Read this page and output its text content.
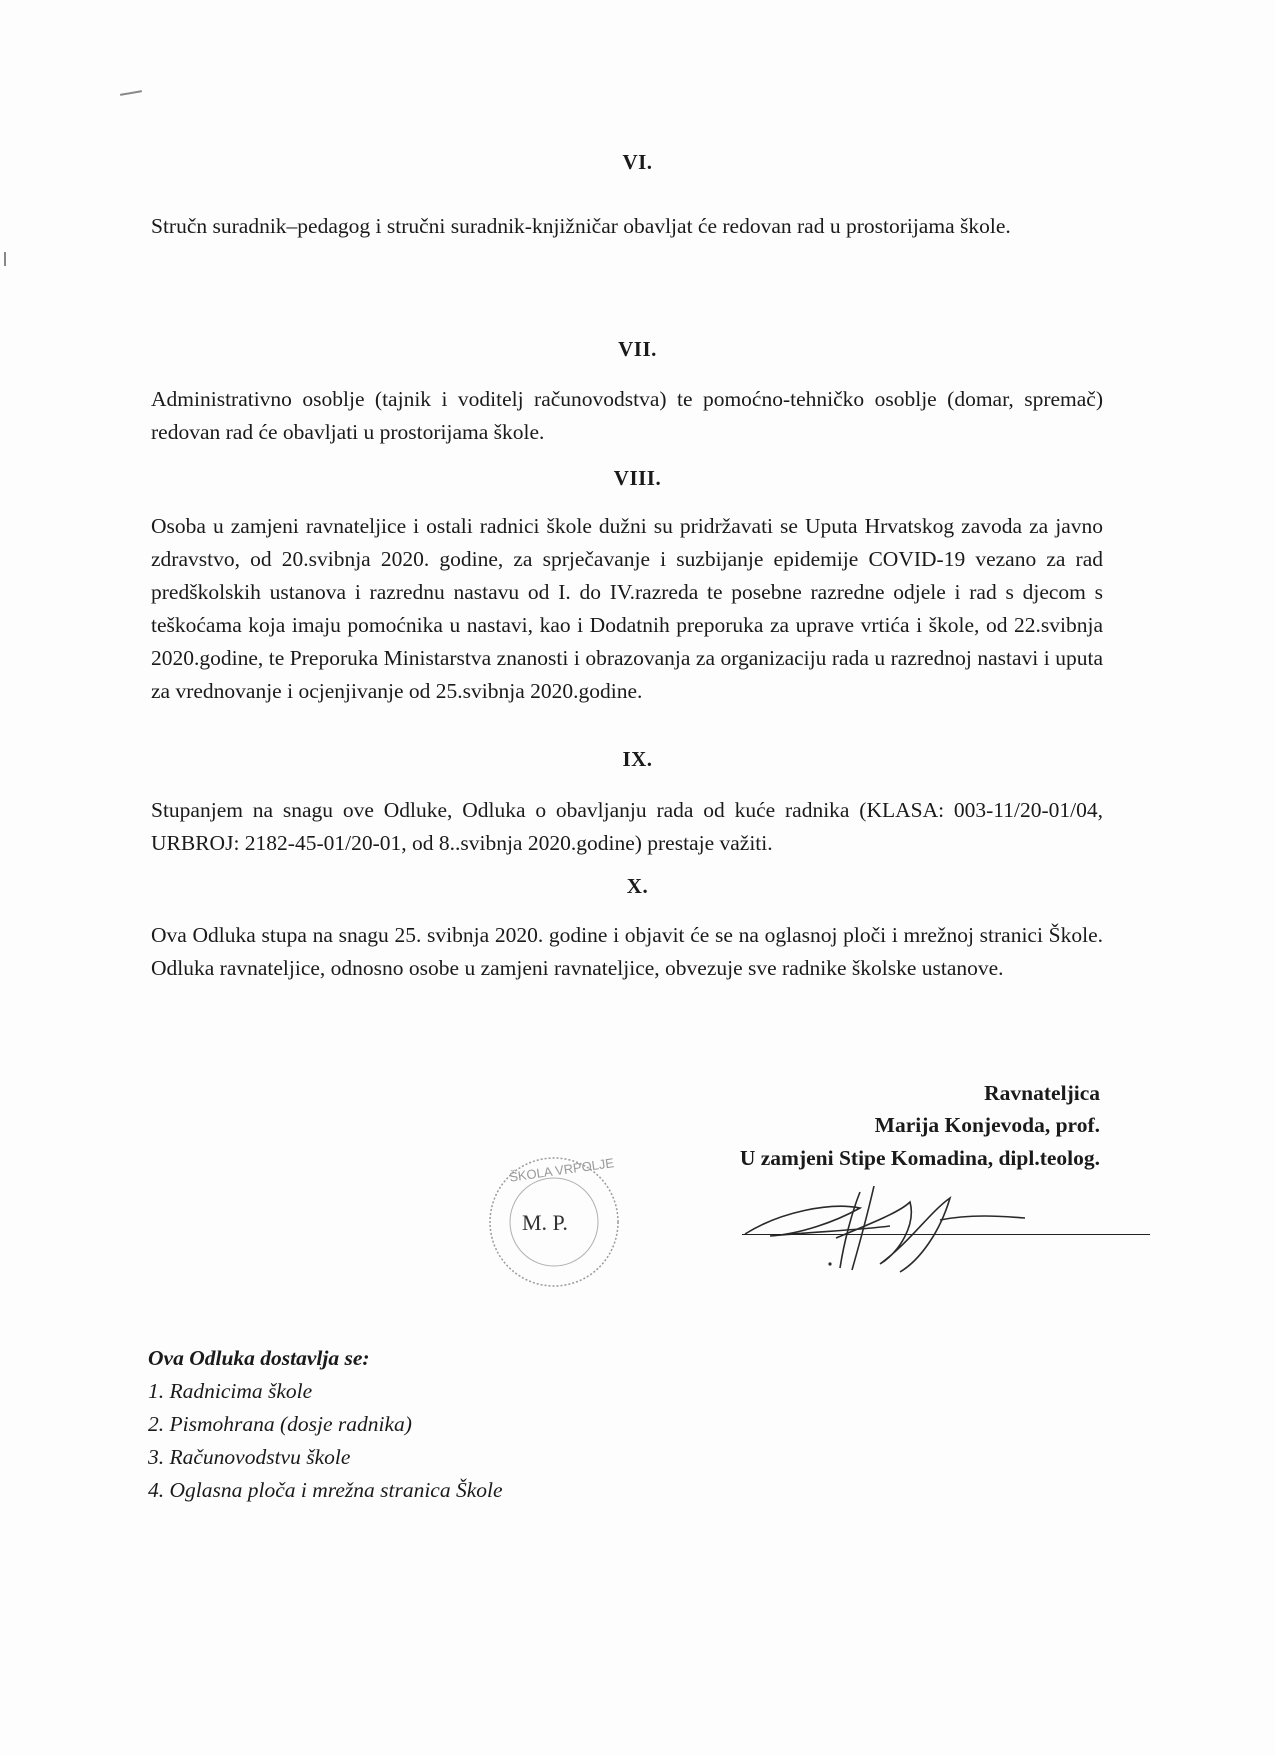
VI.
Stručn suradnik–pedagog i stručni suradnik-knjižničar obavljat će redovan rad u prostorijama škole.
VII.
Administrativno osoblje (tajnik i voditelj računovodstva) te pomoćno-tehničko osoblje (domar, spremač) redovan rad će obavljati u prostorijama škole.
VIII.
Osoba u zamjeni ravnateljice i ostali radnici škole dužni su pridržavati se Uputa Hrvatskog zavoda za javno zdravstvo, od 20.svibnja 2020. godine, za sprječavanje i suzbijanje epidemije COVID-19 vezano za rad predškolskih ustanova i razrednu nastavu od I. do IV.razreda te posebne razredne odjele i rad s djecom s teškoćama koja imaju pomoćnika u nastavi, kao i Dodatnih preporuka za uprave vrtića i škole, od 22.svibnja 2020.godine, te Preporuka Ministarstva znanosti i obrazovanja za organizaciju rada u razrednoj nastavi i uputa za vrednovanje i ocjenjivanje od 25.svibnja 2020.godine.
IX.
Stupanjem na snagu ove Odluke, Odluka o obavljanju rada od kuće radnika (KLASA: 003-11/20-01/04, URBROJ: 2182-45-01/20-01, od 8..svibnja 2020.godine) prestaje važiti.
X.
Ova Odluka stupa na snagu 25. svibnja 2020. godine i objavit će se na oglasnoj ploči i mrežnoj stranici Škole. Odluka ravnateljice, odnosno osobe u zamjeni ravnateljice, obvezuje sve radnike školske ustanove.
Ravnateljica
Marija Konjevoda, prof.
U zamjeni Stipe Komadina, dipl.teolog.
ŠKOLA VRPOLJE
M. P.
Ova Odluka dostavlja se:
1. Radnicima škole
2. Pismohrana (dosje radnika)
3. Računovodstvu škole
4. Oglasna ploča i mrežna stranica Škole
